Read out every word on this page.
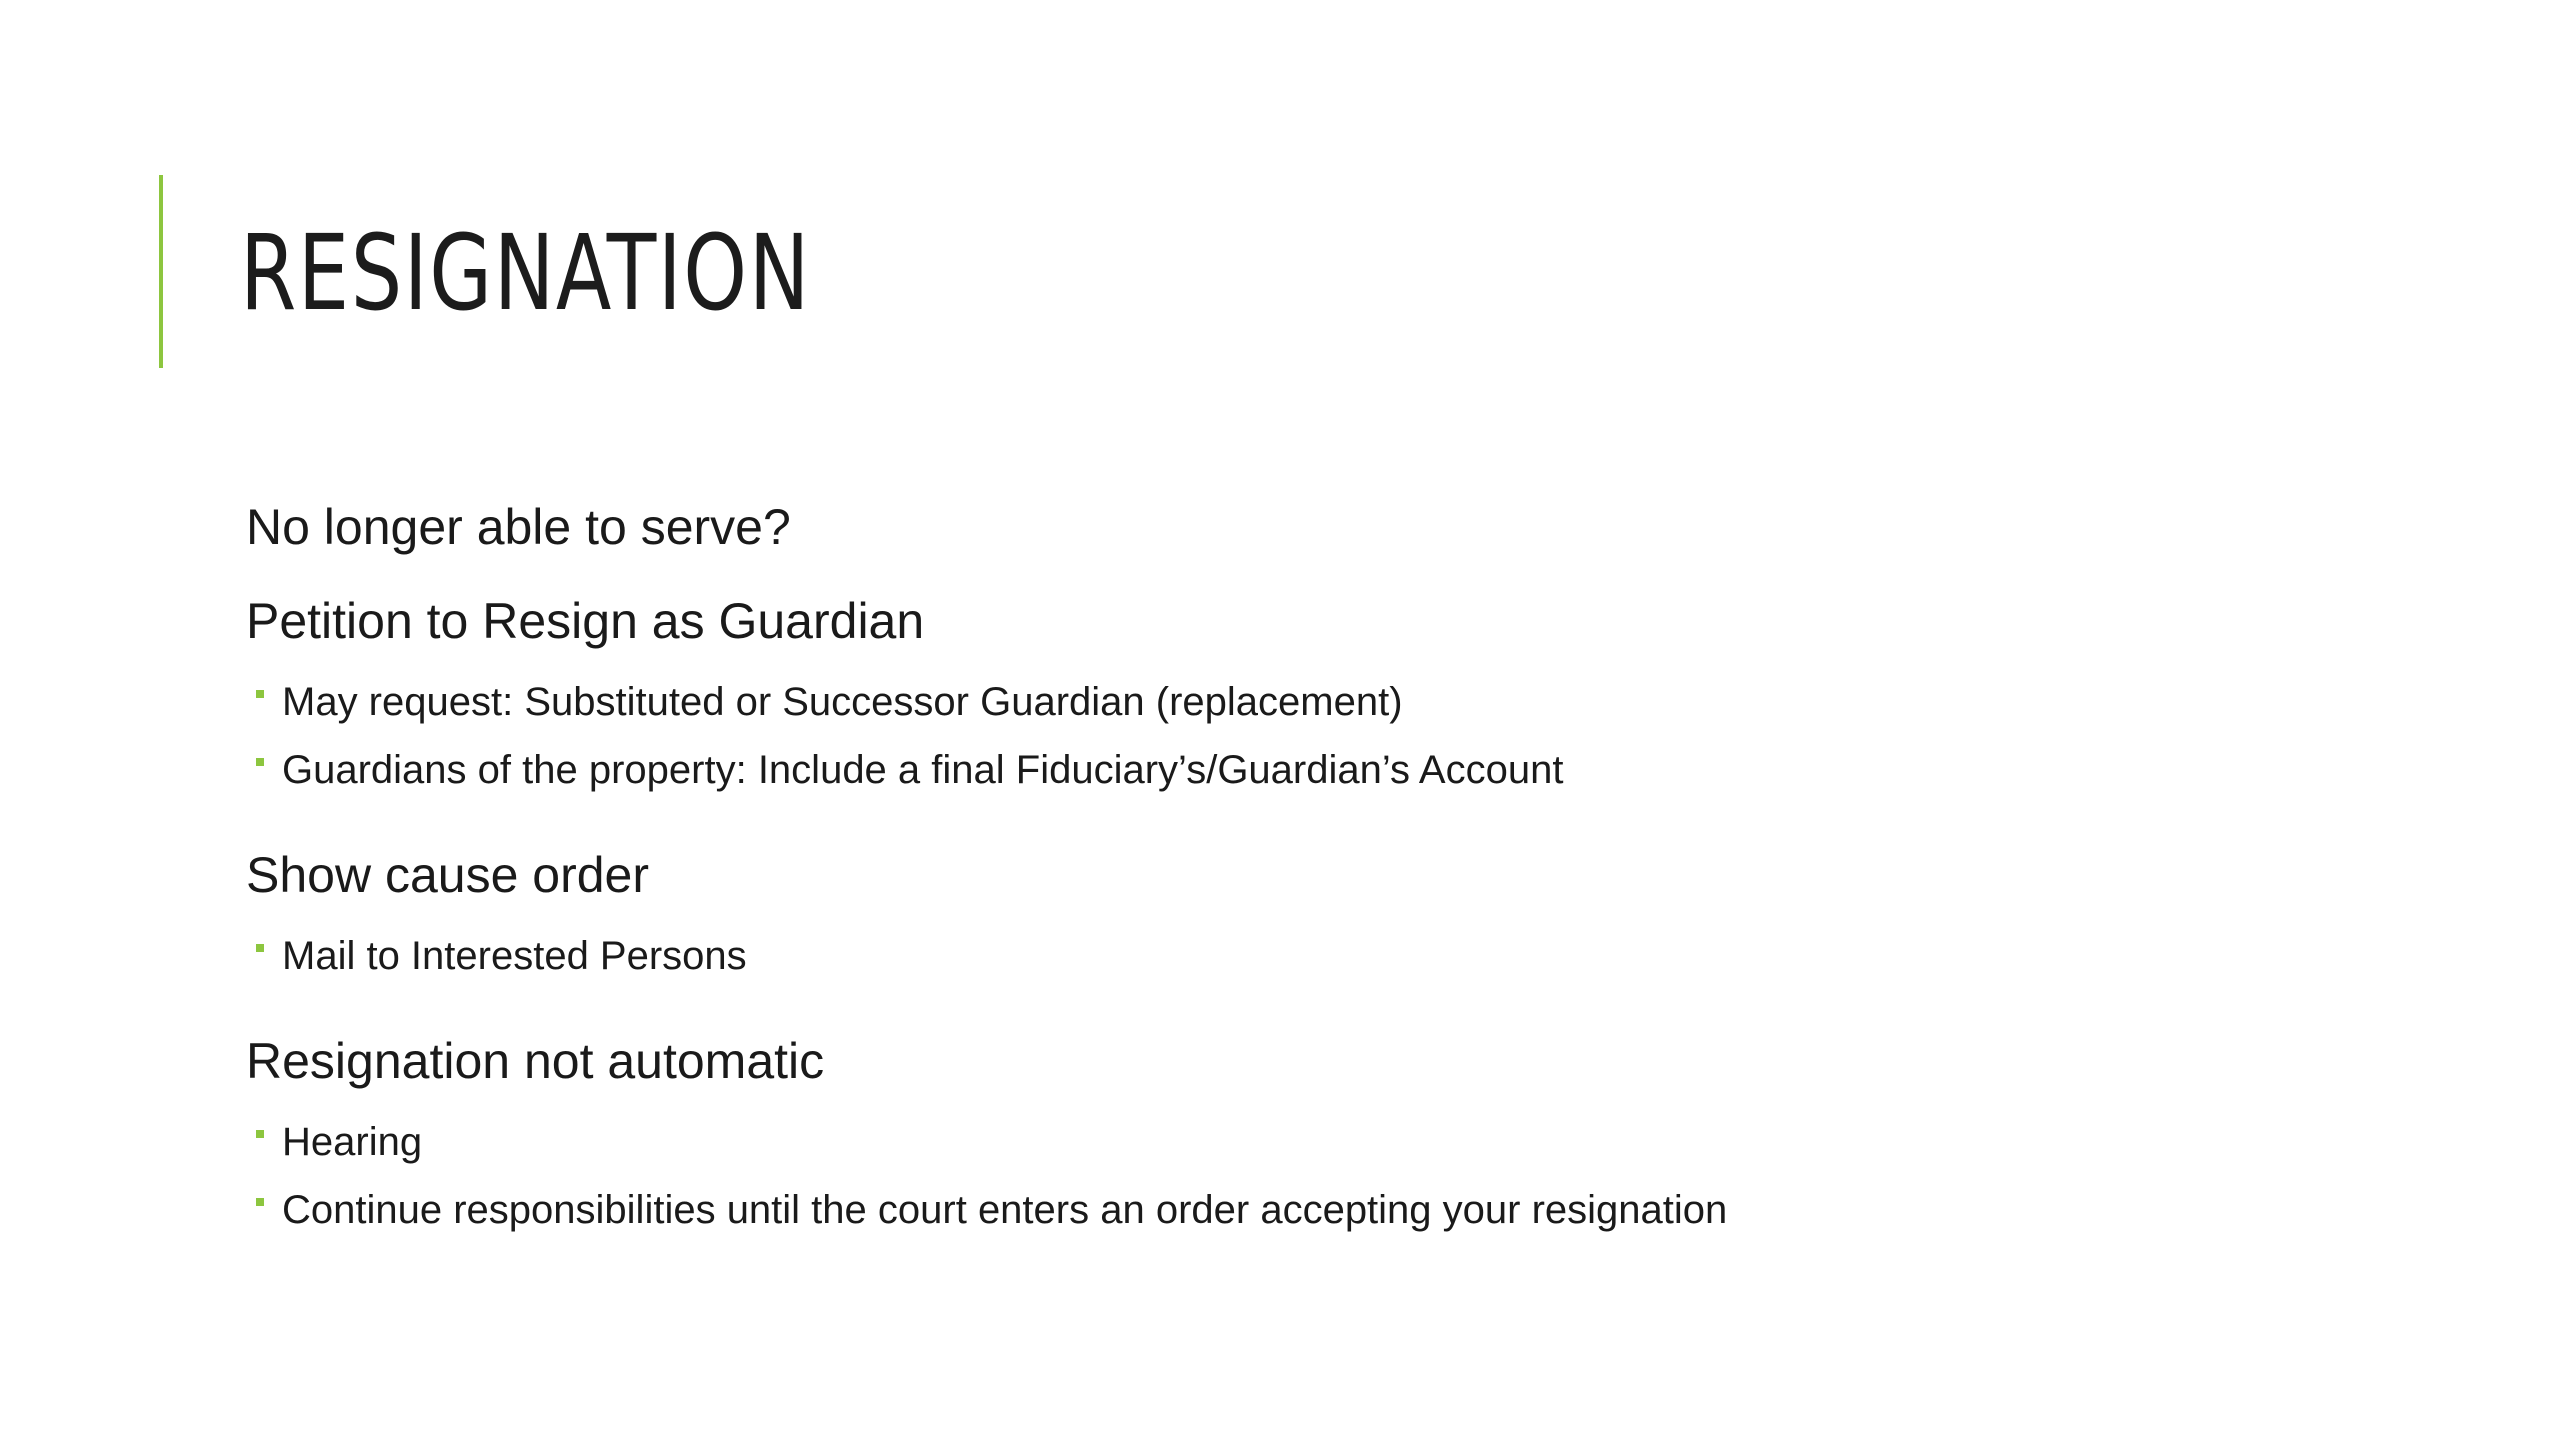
RESIGNATION

No longer able to serve?

Petition to Resign as Guardian

May request: Substituted or Successor Guardian (replacement)
Guardians of the property: Include a final Fiduciary’s/Guardian’s Account

Show cause order

Mail to Interested Persons

Resignation not automatic

Hearing
Continue responsibilities until the court enters an order accepting your resignation
